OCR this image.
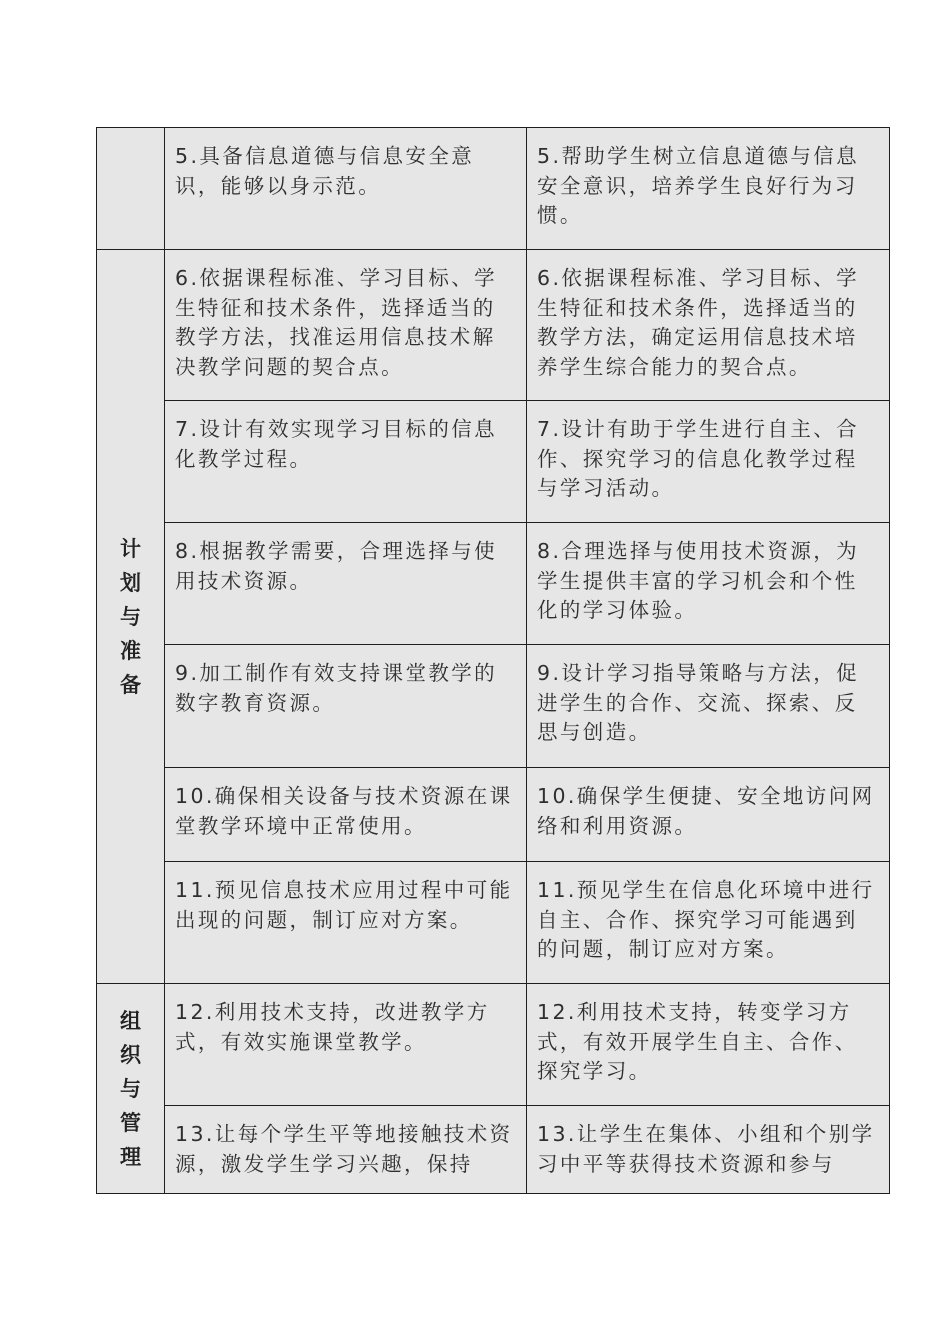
	5.具备信息道德与信息安全意识，能够以身示范。	5.帮助学生树立信息道德与信息安全意识，培养学生良好行为习惯。
计划与准备	6.依据课程标准、学习目标、学生特征和技术条件，选择适当的教学方法，找准运用信息技术解决教学问题的契合点。	6.依据课程标准、学习目标、学生特征和技术条件，选择适当的教学方法，确定运用信息技术培养学生综合能力的契合点。
	7.设计有效实现学习目标的信息化教学过程。	7.设计有助于学生进行自主、合作、探究学习的信息化教学过程与学习活动。
	8.根据教学需要，合理选择与使用技术资源。	8.合理选择与使用技术资源，为学生提供丰富的学习机会和个性化的学习体验。
	9.加工制作有效支持课堂教学的数字教育资源。	9.设计学习指导策略与方法，促进学生的合作、交流、探索、反思与创造。
	10.确保相关设备与技术资源在课堂教学环境中正常使用。	10.确保学生便捷、安全地访问网络和利用资源。
	11.预见信息技术应用过程中可能出现的问题，制订应对方案。	11.预见学生在信息化环境中进行自主、合作、探究学习可能遇到的问题，制订应对方案。
组织与管理	12.利用技术支持，改进教学方式，有效实施课堂教学。	12.利用技术支持，转变学习方式，有效开展学生自主、合作、探究学习。
	13.让每个学生平等地接触技术资源，激发学生学习兴趣，保持	13.让学生在集体、小组和个别学习中平等获得技术资源和参与
